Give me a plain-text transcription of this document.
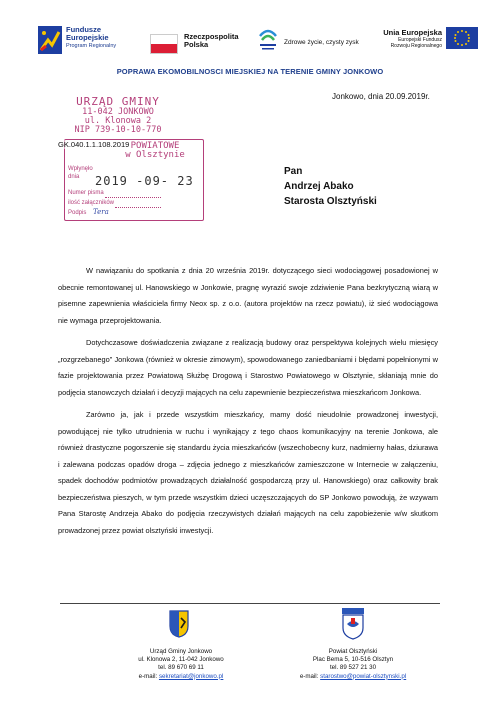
Fundusze
Europejskie
Program Regionalny
Rzeczpospolita
Polska	Zdrowe życie, czysty zysk
Unia Europejska
Europejski Fundusz
Rozwoju Regionalnego
POPRAWA EKOMOBILNOSCI MIEJSKIEJ NA TERENIE GMINY JONKOWO
URZĄD GMINY
11-042 JONKOWO
ul. Klonowa 2
NIP 739-10-10-770
POWIATOWE
w Olsztynie
Wpłynęło
dnia 2019 -09- 23
Numer pisma
ilość załączników
Podpis Tera
GK.040.1.1.108.2019
Jonkowo, dnia 20.09.2019r.
Pan
Andrzej Abako
Starosta Olsztyński

W nawiązaniu do spotkania z dnia 20 września 2019r. dotyczącego sieci wodociągowej posadowionej w obecnie remontowanej ul. Hanowskiego w Jonkowie, pragnę wyrazić swoje zdziwienie Pana bezkrytyczną wiarą w pisemne zapewnienia właściciela firmy Neox sp. z o.o. (autora projektów na rzecz powiatu), iż sieć wodociągowa nie wymaga przeprojektowania.

Dotychczasowe doświadczenia związane z realizacją budowy oraz perspektywa kolejnych wielu miesięcy „rozgrzebanego” Jonkowa (również w okresie zimowym), spowodowanego zaniedbaniami i błędami popełnionymi w fazie projektowania przez Powiatową Służbę Drogową i Starostwo Powiatowego w Olsztynie, skłaniają mnie do podjęcia stanowczych działań i decyzji mających na celu zapewnienie bezpieczeństwa mieszkańcom Jonkowa.

Zarówno ja, jak i przede wszystkim mieszkańcy, mamy dość nieudolnie prowadzonej inwestycji, powodującej nie tylko utrudnienia w ruchu i wynikający z tego chaos komunikacyjny na terenie Jonkowa, ale również drastyczne pogorszenie się standardu życia mieszkańców (wszechobecny kurz, nadmierny hałas, dziurawa i zalewana podczas opadów droga – zdjęcia jednego z mieszkańców zamieszczone w Internecie w załączeniu, spadek dochodów podmiotów prowadzących działalność gospodarczą przy ul. Hanowskiego) oraz całkowity brak bezpieczeństwa pieszych, w tym przede wszystkim dzieci uczęszczających do SP Jonkowo powodują, że wzywam Pana Starostę Andrzeja Abako do podjęcia rzeczywistych działań mających na celu zapobieżenie w/w skutkom prowadzonej przez powiat olsztyński inwestycji.

Urząd Gminy Jonkowo
ul. Klonowa 2, 11-042 Jonkowo
tel. 89 670 69 11
e-mail: sekretariat@jonkowo.pl
Powiat Olsztyński
Plac Bema 5, 10-516 Olsztyn
tel. 89 527 21 30
e-mail: starostwo@powiat-olsztynski.pl
